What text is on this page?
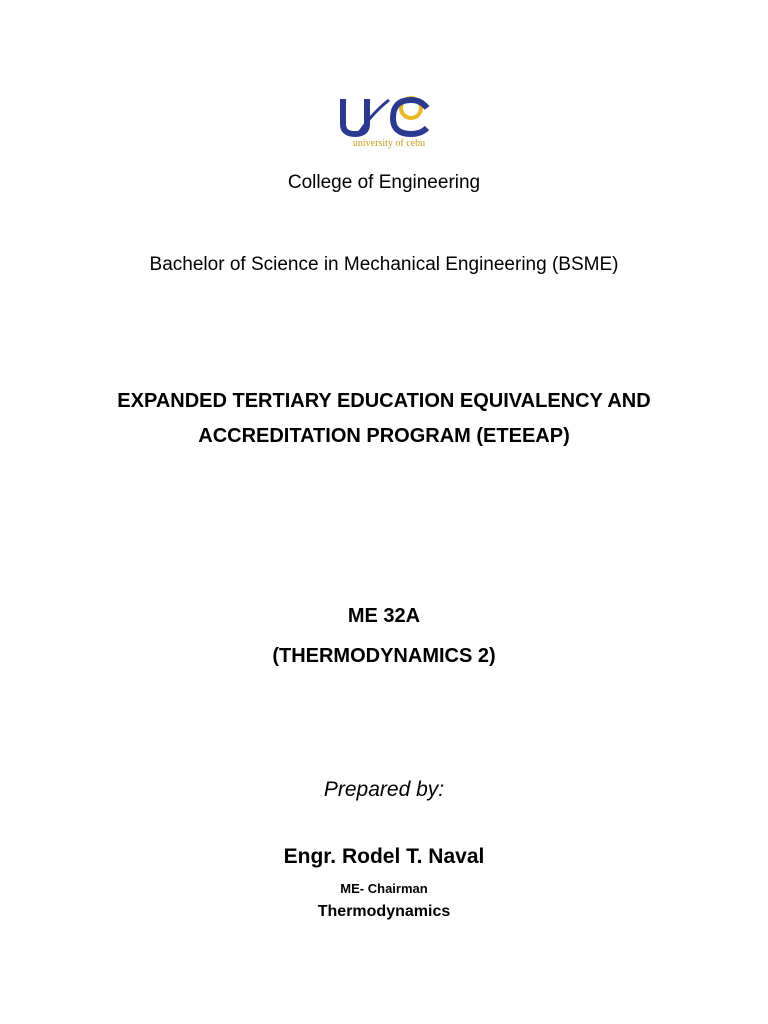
university of cebu
College of Engineering
Bachelor of Science in Mechanical Engineering (BSME)
EXPANDED TERTIARY EDUCATION EQUIVALENCY AND
ACCREDITATION PROGRAM (ETEEAP)
ME 32A
(THERMODYNAMICS 2)
Prepared by:
Engr. Rodel T. Naval
ME- Chairman
Thermodynamics
